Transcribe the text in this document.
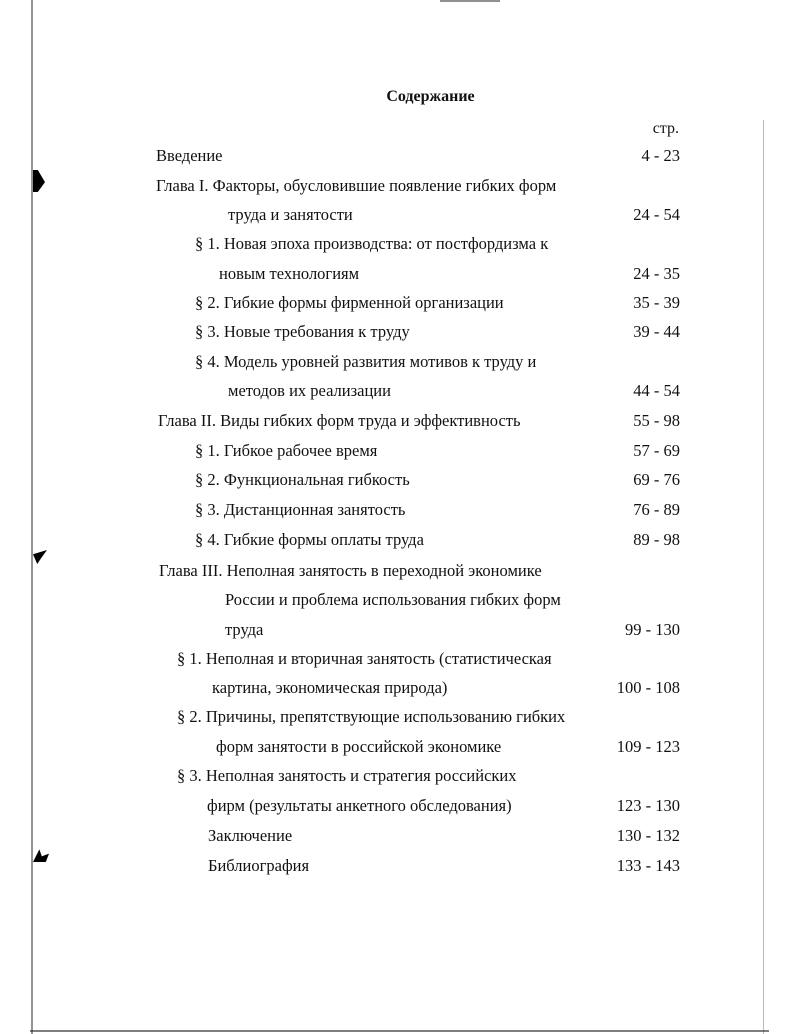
Содержание
стр.
Введение	4 - 23
Глава I. Факторы, обусловившие появление гибких форм
труда и занятости	24 - 54
§ 1. Новая эпоха производства: от постфордизма к
новым технологиям	24 - 35
§ 2. Гибкие формы фирменной организации	35 - 39
§ 3. Новые требования к труду	39 - 44
§ 4. Модель уровней развития мотивов к труду и
методов их реализации	44 - 54
Глава II. Виды гибких форм труда и эффективность	55 - 98
§ 1. Гибкое рабочее время	57 - 69
§ 2. Функциональная гибкость	69 - 76
§ 3. Дистанционная занятость	76 - 89
§ 4. Гибкие формы оплаты труда	89 - 98
Глава III. Неполная занятость в переходной экономике
России и проблема использования гибких форм
труда	99 - 130
§ 1. Неполная и вторичная занятость (статистическая
картина, экономическая природа)	100 - 108
§ 2. Причины, препятствующие использованию гибких
форм занятости в российской экономике	109 - 123
§ 3. Неполная занятость и стратегия российских
фирм (результаты анкетного обследования)	123 - 130
Заключение	130 - 132
Библиография	133 - 143
